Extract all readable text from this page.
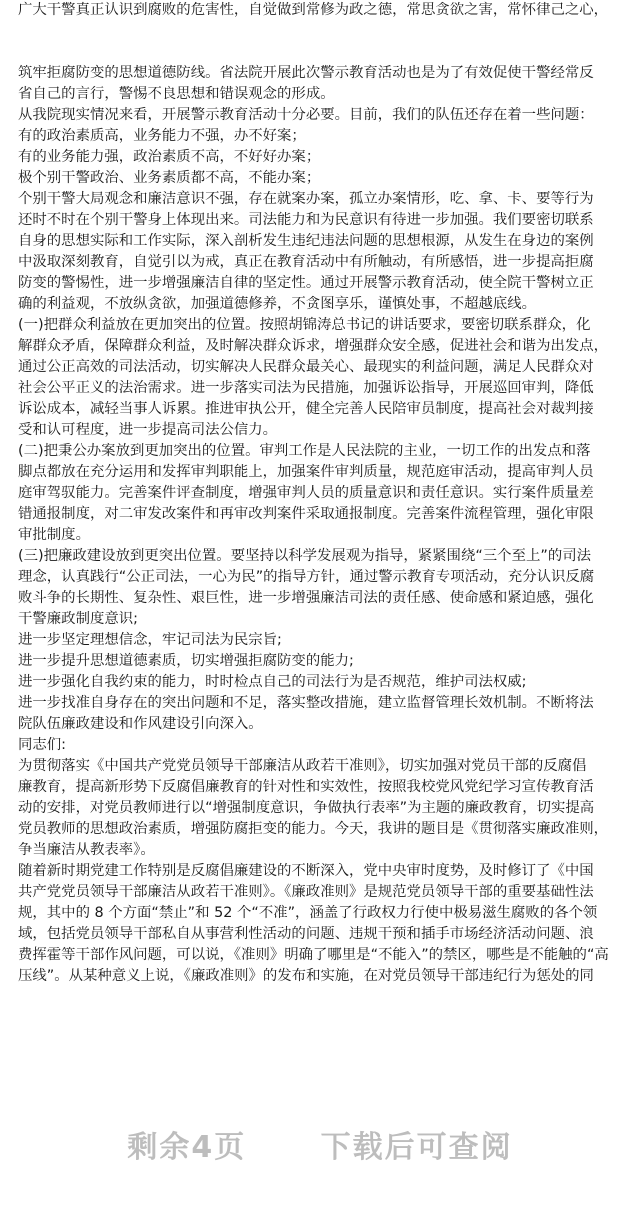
广大干警真正认识到腐败的危害性，自觉做到常修为政之德，常思贪欲之害，常怀律己之心，
筑牢拒腐防变的思想道德防线。省法院开展此次警示教育活动也是为了有效促使干警经常反
省自己的言行，警惕不良思想和错误观念的形成。
从我院现实情况来看，开展警示教育活动十分必要。目前，我们的队伍还存在着一些问题：
有的政治素质高，业务能力不强，办不好案；
有的业务能力强，政治素质不高，不好好办案；
极个别干警政治、业务素质都不高，不能办案；
个别干警大局观念和廉洁意识不强，存在就案办案，孤立办案情形，吃、拿、卡、要等行为
还时不时在个别干警身上体现出来。司法能力和为民意识有待进一步加强。我们要密切联系
自身的思想实际和工作实际，深入剖析发生违纪违法问题的思想根源，从发生在身边的案例
中汲取深刻教育，自觉引以为戒，真正在教育活动中有所触动，有所感悟，进一步提高拒腐
防变的警惕性，进一步增强廉洁自律的坚定性。通过开展警示教育活动，使全院干警树立正
确的利益观，不放纵贪欲，加强道德修养，不贪图享乐，谨慎处事，不超越底线。
(一)把群众利益放在更加突出的位置。按照胡锦涛总书记的讲话要求，要密切联系群众，化
解群众矛盾，保障群众利益，及时解决群众诉求，增强群众安全感，促进社会和谐为出发点，
通过公正高效的司法活动，切实解决人民群众最关心、最现实的利益问题，满足人民群众对
社会公平正义的法治需求。进一步落实司法为民措施，加强诉讼指导，开展巡回审判，降低
诉讼成本，减轻当事人诉累。推进审执公开，健全完善人民陪审员制度，提高社会对裁判接
受和认可程度，进一步提高司法公信力。
(二)把秉公办案放到更加突出的位置。审判工作是人民法院的主业，一切工作的出发点和落
脚点都放在充分运用和发挥审判职能上，加强案件审判质量，规范庭审活动，提高审判人员
庭审驾驭能力。完善案件评查制度，增强审判人员的质量意识和责任意识。实行案件质量差
错通报制度，对二审发改案件和再审改判案件采取通报制度。完善案件流程管理，强化审限
审批制度。
(三)把廉政建设放到更突出位置。要坚持以科学发展观为指导，紧紧围绕“三个至上”的司法
理念，认真践行“公正司法，一心为民”的指导方针，通过警示教育专项活动，充分认识反腐
败斗争的长期性、复杂性、艰巨性，进一步增强廉洁司法的责任感、使命感和紧迫感，强化
干警廉政制度意识;
进一步坚定理想信念，牢记司法为民宗旨;
进一步提升思想道德素质，切实增强拒腐防变的能力;
进一步强化自我约束的能力，时时检点自己的司法行为是否规范，维护司法权威;
进一步找准自身存在的突出问题和不足，落实整改措施，建立监督管理长效机制。不断将法
院队伍廉政建设和作风建设引向深入。
同志们:
为贯彻落实《中国共产党党员领导干部廉洁从政若干准则》，切实加强对党员干部的反腐倡
廉教育，提高新形势下反腐倡廉教育的针对性和实效性，按照我校党风党纪学习宣传教育活
动的安排，对党员教师进行以“增强制度意识，争做执行表率”为主题的廉政教育，切实提高
党员教师的思想政治素质，增强防腐拒变的能力。今天，我讲的题目是《贯彻落实廉政准则，
争当廉洁从教表率》。
随着新时期党建工作特别是反腐倡廉建设的不断深入，党中央审时度势，及时修订了《中国
共产党党员领导干部廉洁从政若干准则》。《廉政准则》是规范党员领导干部的重要基础性法
规，其中的 8 个方面“禁止”和 52 个“不准”，涵盖了行政权力行使中极易滋生腐败的各个领
域，包括党员领导干部私自从事营利性活动的问题、违规干预和插手市场经济活动问题、浪
费挥霍等干部作风问题，可以说，《准则》明确了哪里是“不能入”的禁区，哪些是不能触的“高
压线”。从某种意义上说，《廉政准则》的发布和实施，在对党员领导干部违纪行为惩处的同
剩余4页 下载后可查阅
